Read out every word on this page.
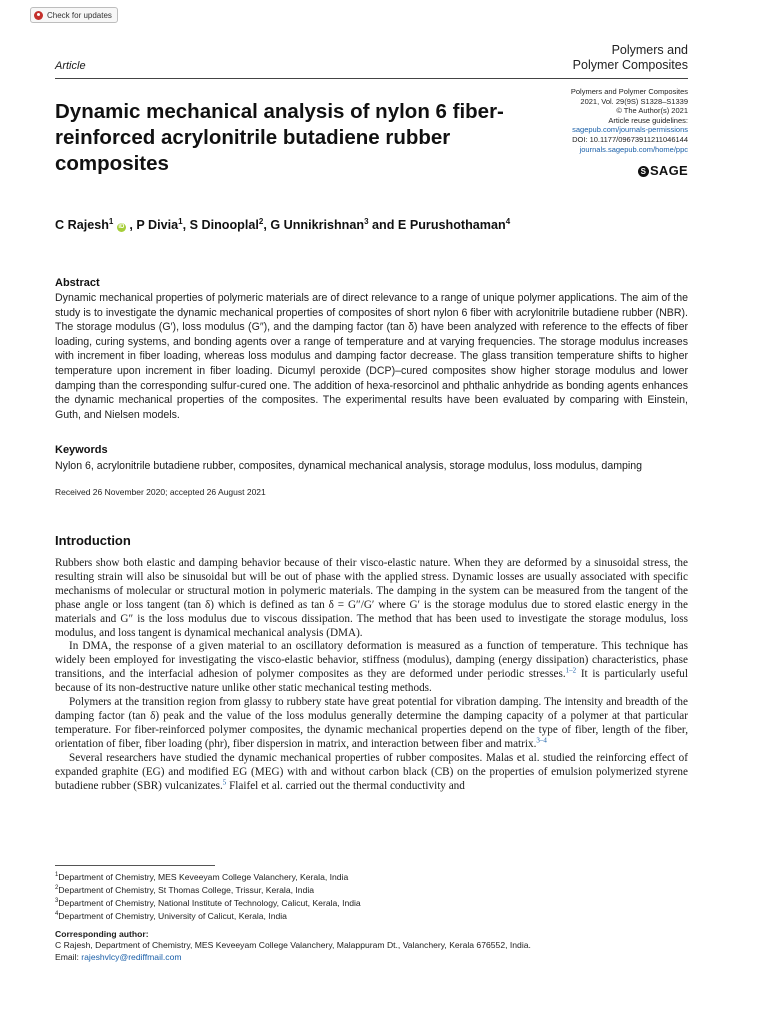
Check for updates
Article
Polymers and
Polymer Composites
Dynamic mechanical analysis of nylon 6 fiber-reinforced acrylonitrile butadiene rubber composites
Polymers and Polymer Composites
2021, Vol. 29(9S) S1328–S1339
© The Author(s) 2021
Article reuse guidelines:
sagepub.com/journals-permissions
DOI: 10.1177/09673911211046144
journals.sagepub.com/home/ppc
S SAGE
C Rajesh$^1$ iD , P Divia$^1$, S Dinooplal$^2$, G Unnikrishnan$^3$ and E Purushothaman$^4$
Abstract
Dynamic mechanical properties of polymeric materials are of direct relevance to a range of unique polymer applications. The aim of the study is to investigate the dynamic mechanical properties of composites of short nylon 6 fiber with acrylonitrile butadiene rubber (NBR). The storage modulus (G′), loss modulus (G″), and the damping factor (tan δ) have been analyzed with reference to the effects of fiber loading, curing systems, and bonding agents over a range of temperature and at varying frequencies. The storage modulus increases with increment in fiber loading, whereas loss modulus and damping factor decrease. The glass transition temperature shifts to higher temperature upon increment in fiber loading. Dicumyl peroxide (DCP)–cured composites show higher storage modulus and lower damping than the corresponding sulfur-cured one. The addition of hexa-resorcinol and phthalic anhydride as bonding agents enhances the dynamic mechanical properties of the composites. The experimental results have been evaluated by comparing with Einstein, Guth, and Nielsen models.
Keywords
Nylon 6, acrylonitrile butadiene rubber, composites, dynamical mechanical analysis, storage modulus, loss modulus, damping
Received 26 November 2020; accepted 26 August 2021
Introduction

Rubbers show both elastic and damping behavior because of their visco-elastic nature. When they are deformed by a sinusoidal stress, the resulting strain will also be sinusoidal but will be out of phase with the applied stress. Dynamic losses are usually associated with specific mechanisms of molecular or structural motion in polymeric materials. The damping in the system can be measured from the tangent of the phase angle or loss tangent (tan δ) which is defined as tan δ = G″/G′ where G′ is the storage modulus due to stored elastic energy in the materials and G″ is the loss modulus due to viscous dissipation. The method that has been used to investigate the storage modulus, loss modulus, and loss tangent is dynamical mechanical analysis (DMA).

In DMA, the response of a given material to an oscillatory deformation is measured as a function of temperature. This technique has widely been employed for investigating the visco-elastic behavior, stiffness (modulus), damping (energy dissipation) characteristics, phase transitions, and the interfacial adhesion of polymer composites as they are deformed under periodic stresses.$^{1-2}$ It is particularly useful because of its non-destructive nature unlike other static mechanical testing methods.

Polymers at the transition region from glassy to rubbery state have great potential for vibration damping. The intensity and breadth of the damping factor (tan δ) peak and the value of the loss modulus generally determine the damping capacity of a polymer at that particular temperature. For fiber-reinforced polymer composites, the dynamic mechanical properties depend on the type of fiber, length of the fiber, orientation of fiber, fiber loading (phr), fiber dispersion in matrix, and interaction between fiber and matrix.$^{3-4}$

Several researchers have studied the dynamic mechanical properties of rubber composites. Malas et al. studied the reinforcing effect of expanded graphite (EG) and modified EG (MEG) with and without carbon black (CB) on the properties of emulsion polymerized styrene butadiene rubber (SBR) vulcanizates.$^5$ Flaifel et al. carried out the thermal conductivity and

$^1$Department of Chemistry, MES Keveeyam College Valanchery, Kerala, India
$^2$Department of Chemistry, St Thomas College, Trissur, Kerala, India
$^3$Department of Chemistry, National Institute of Technology, Calicut, Kerala, India
$^4$Department of Chemistry, University of Calicut, Kerala, India
Corresponding author:
C Rajesh, Department of Chemistry, MES Keveeyam College Valanchery, Malappuram Dt., Valanchery, Kerala 676552, India.
Email: rajeshvlcy@rediffmail.com
